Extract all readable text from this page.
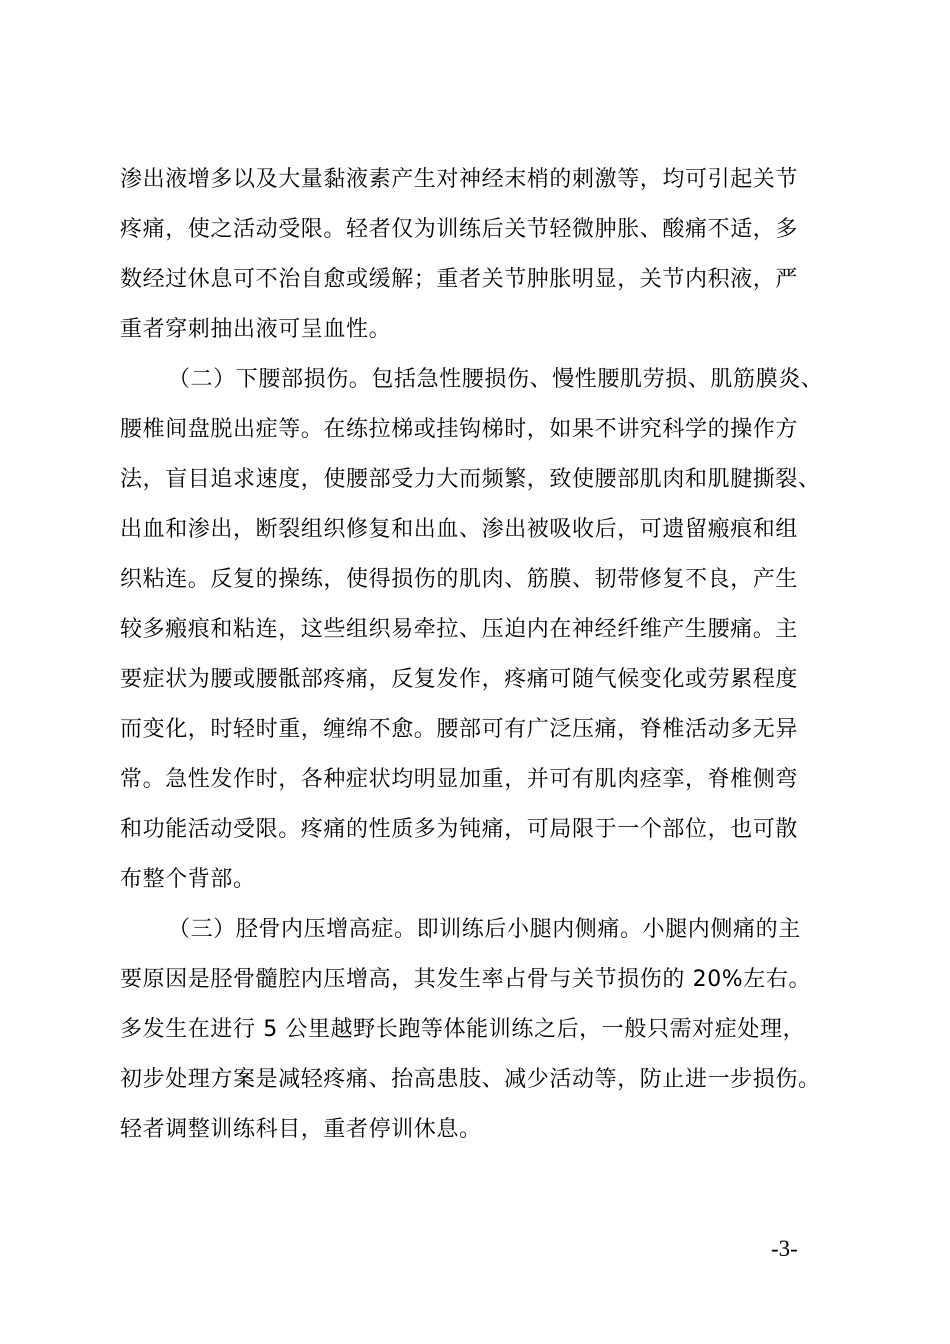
渗出液增多以及大量黏液素产生对神经末梢的刺激等，均可引起关节
疼痛，使之活动受限。轻者仅为训练后关节轻微肿胀、酸痛不适，多
数经过休息可不治自愈或缓解；重者关节肿胀明显，关节内积液，严
重者穿刺抽出液可呈血性。
（二）下腰部损伤。包括急性腰损伤、慢性腰肌劳损、肌筋膜炎、
腰椎间盘脱出症等。在练拉梯或挂钩梯时，如果不讲究科学的操作方
法，盲目追求速度，使腰部受力大而频繁，致使腰部肌肉和肌腱撕裂、
出血和渗出，断裂组织修复和出血、渗出被吸收后，可遗留瘢痕和组
织粘连。反复的操练，使得损伤的肌肉、筋膜、韧带修复不良，产生
较多瘢痕和粘连，这些组织易牵拉、压迫内在神经纤维产生腰痛。主
要症状为腰或腰骶部疼痛，反复发作，疼痛可随气候变化或劳累程度
而变化，时轻时重，缠绵不愈。腰部可有广泛压痛，脊椎活动多无异
常。急性发作时，各种症状均明显加重，并可有肌肉痉挛，脊椎侧弯
和功能活动受限。疼痛的性质多为钝痛，可局限于一个部位，也可散
布整个背部。
（三）胫骨内压增高症。即训练后小腿内侧痛。小腿内侧痛的主
要原因是胫骨髓腔内压增高，其发生率占骨与关节损伤的 20%左右。
多发生在进行 5 公里越野长跑等体能训练之后，一般只需对症处理，
初步处理方案是减轻疼痛、抬高患肢、减少活动等，防止进一步损伤。
轻者调整训练科目，重者停训休息。
-3-
